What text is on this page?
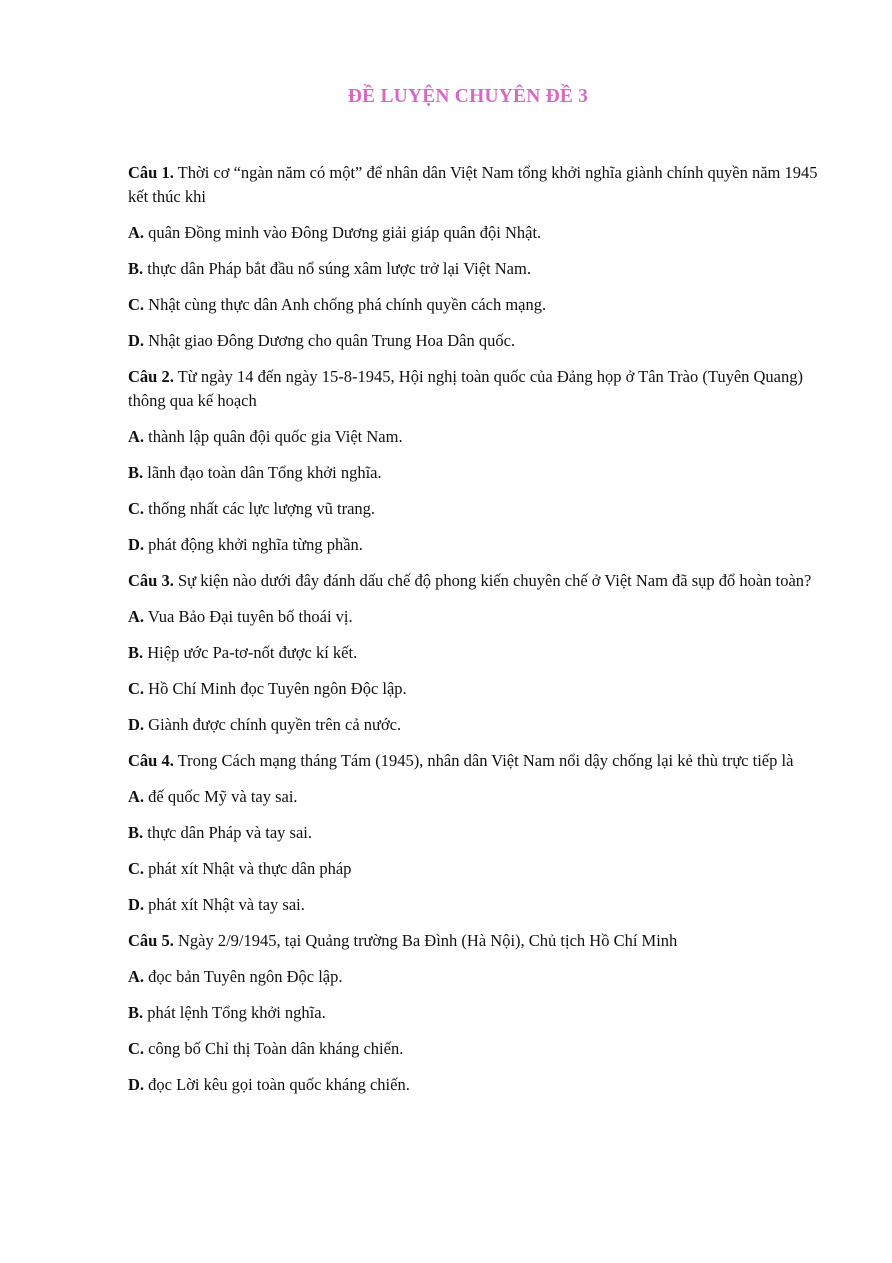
ĐỀ LUYỆN CHUYÊN ĐỀ 3

Câu 1. Thời cơ “ngàn năm có một” để nhân dân Việt Nam tổng khởi nghĩa giành chính quyền năm 1945 kết thúc khi

A. quân Đồng minh vào Đông Dương giải giáp quân đội Nhật.

B. thực dân Pháp bắt đầu nổ súng xâm lược trở lại Việt Nam.

C. Nhật cùng thực dân Anh chống phá chính quyền cách mạng.

D. Nhật giao Đông Dương cho quân Trung Hoa Dân quốc.

Câu 2. Từ ngày 14 đến ngày 15-8-1945, Hội nghị toàn quốc của Đảng họp ở Tân Trào (Tuyên Quang) thông qua kế hoạch

A. thành lập quân đội quốc gia Việt Nam.

B. lãnh đạo toàn dân Tổng khởi nghĩa.

C. thống nhất các lực lượng vũ trang.

D. phát động khởi nghĩa từng phần.

Câu 3. Sự kiện nào dưới đây đánh dấu chế độ phong kiến chuyên chế ở Việt Nam đã sụp đổ hoàn toàn?

A. Vua Bảo Đại tuyên bố thoái vị.

B. Hiệp ước Pa-tơ-nốt được kí kết.

C. Hồ Chí Minh đọc Tuyên ngôn Độc lập.

D. Giành được chính quyền trên cả nước.

Câu 4. Trong Cách mạng tháng Tám (1945), nhân dân Việt Nam nổi dậy chống lại kẻ thù trực tiếp là

A. đế quốc Mỹ và tay sai.

B. thực dân Pháp và tay sai.

C. phát xít Nhật và thực dân pháp

D. phát xít Nhật và tay sai.

Câu 5. Ngày 2/9/1945, tại Quảng trường Ba Đình (Hà Nội), Chủ tịch Hồ Chí Minh

A. đọc bản Tuyên ngôn Độc lập.

B. phát lệnh Tổng khởi nghĩa.

C. công bố Chỉ thị Toàn dân kháng chiến.

D. đọc Lời kêu gọi toàn quốc kháng chiến.
